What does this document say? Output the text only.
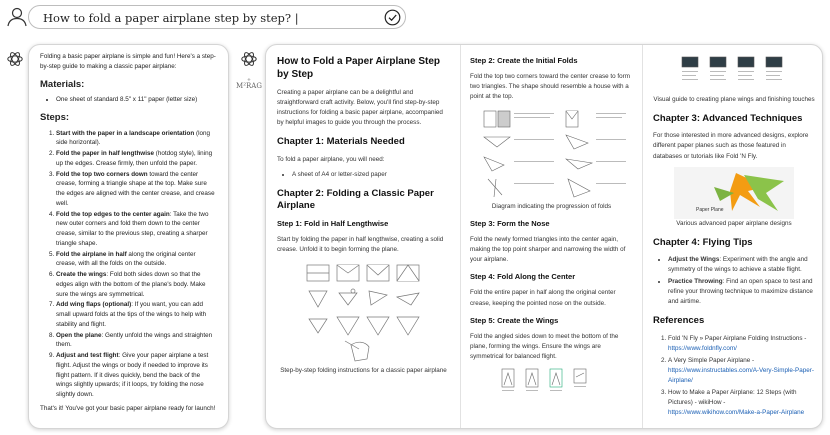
How to fold a paper airplane step by step? |
+
M²RAG

Folding a basic paper airplane is simple and fun! Here's a step-by-step guide to making a classic paper airplane:

Materials:
• One sheet of standard 8.5" x 11" paper (letter size)
Steps:
1. Start with the paper in a landscape orientation (long side horizontal).
2. Fold the paper in half lengthwise (hotdog style), lining up the edges. Crease firmly, then unfold the paper.
3. Fold the top two corners down toward the center crease, forming a triangle shape at the top. Make sure the edges are aligned with the center crease, and crease well.
4. Fold the top edges to the center again: Take the two new outer corners and fold them down to the center crease, similar to the previous step, creating a sharper triangle shape.
5. Fold the airplane in half along the original center crease, with all the folds on the outside.
6. Create the wings: Fold both sides down so that the edges align with the bottom of the plane's body. Make sure the wings are symmetrical.
7. Add wing flaps (optional): If you want, you can add small upward folds at the tips of the wings to help with stability and flight.
8. Open the plane: Gently unfold the wings and straighten them.
9. Adjust and test flight: Give your paper airplane a test flight. Adjust the wings or body if needed to improve its flight pattern. If it dives quickly, bend the back of the wings slightly upwards; if it loops, try folding the nose slightly down.

That's it! You've got your basic paper airplane ready for launch!

How to Fold a Paper Airplane Step by Step

Creating a paper airplane can be a delightful and straightforward craft activity. Below, you'll find step-by-step instructions for folding a basic paper airplane, accompanied by helpful images to guide you through the process.

Chapter 1: Materials Needed

To fold a paper airplane, you will need:

• A sheet of A4 or letter-sized paper
Chapter 2: Folding a Classic Paper Airplane
Step 1: Fold in Half Lengthwise

Start by folding the paper in half lengthwise, creating a solid crease. Unfold it to begin forming the plane.

Step-by-step folding instructions for a classic paper airplane

Step 2: Create the Initial Folds

Fold the top two corners toward the center crease to form two triangles. The shape should resemble a house with a point at the top.

Diagram indicating the progression of folds

Step 3: Form the Nose

Fold the newly formed triangles into the center again, making the top point sharper and narrowing the width of your airplane.

Step 4: Fold Along the Center

Fold the entire paper in half along the original center crease, keeping the pointed nose on the outside.

Step 5: Create the Wings

Fold the angled sides down to meet the bottom of the plane, forming the wings. Ensure the wings are symmetrical for balanced flight.

Visual guide to creating plane wings and finishing touches

Chapter 3: Advanced Techniques

For those interested in more advanced designs, explore different paper planes such as those featured in databases or tutorials like Fold 'N Fly.

Paper Plane

Various advanced paper airplane designs

Chapter 4: Flying Tips
• Adjust the Wings: Experiment with the angle and symmetry of the wings to achieve a stable flight.
• Practice Throwing: Find an open space to test and refine your throwing technique to maximize distance and airtime.
References
1. Fold 'N Fly » Paper Airplane Folding Instructions - https://www.foldnfly.com/
2. A Very Simple Paper Airplane - https://www.instructables.com/A-Very-Simple-Paper-Airplane/
3. How to Make a Paper Airplane: 12 Steps (with Pictures) - wikiHow - https://www.wikihow.com/Make-a-Paper-Airplane
